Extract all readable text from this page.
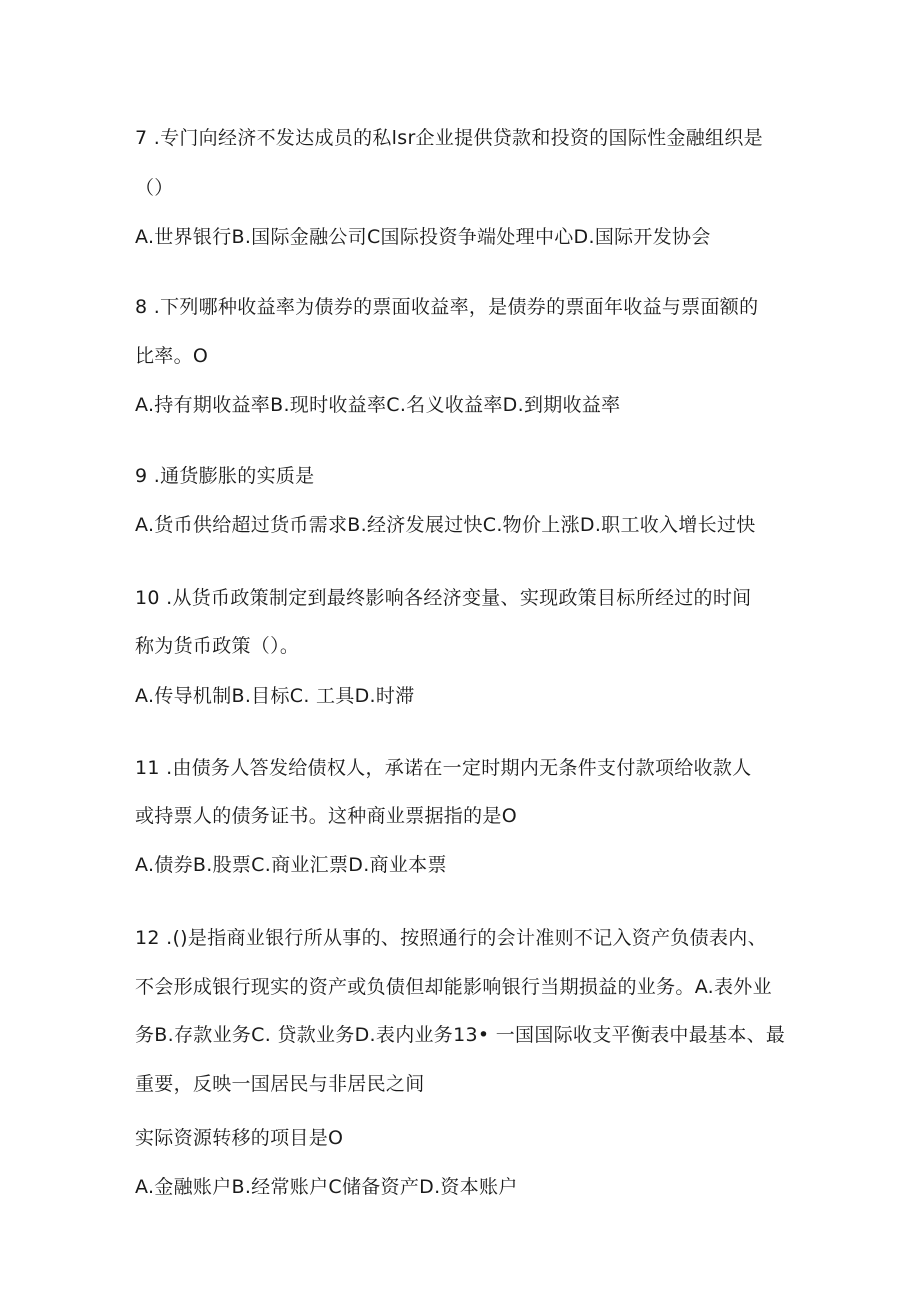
7 .专门向经济不发达成员的私lsr企业提供贷款和投资的国际性金融组织是
（）
A.世界银行B.国际金融公司C国际投资争端处理中心D.国际开发协会
8 .下列哪种收益率为债券的票面收益率，是债券的票面年收益与票面额的
比率。O
A.持有期收益率B.现时收益率C.名义收益率D.到期收益率
9 .通货膨胀的实质是
A.货币供给超过货币需求B.经济发展过快C.物价上涨D.职工收入增长过快
10 .从货币政策制定到最终影响各经济变量、实现政策目标所经过的时间
称为货币政策（）。
A.传导机制B.目标C. 工具D.时滞
11 .由债务人答发给债权人，承诺在一定时期内无条件支付款项给收款人
或持票人的债务证书。这种商业票据指的是O
A.债券B.股票C.商业汇票D.商业本票
12 .()是指商业银行所从事的、按照通行的会计准则不记入资产负债表内、
不会形成银行现实的资产或负债但却能影响银行当期损益的业务。A.表外业
务B.存款业务C. 贷款业务D.表内业务13• 一国国际收支平衡表中最基本、最
重要，反映一国居民与非居民之间
实际资源转移的项目是O
A.金融账户B.经常账户C储备资产D.资本账户
